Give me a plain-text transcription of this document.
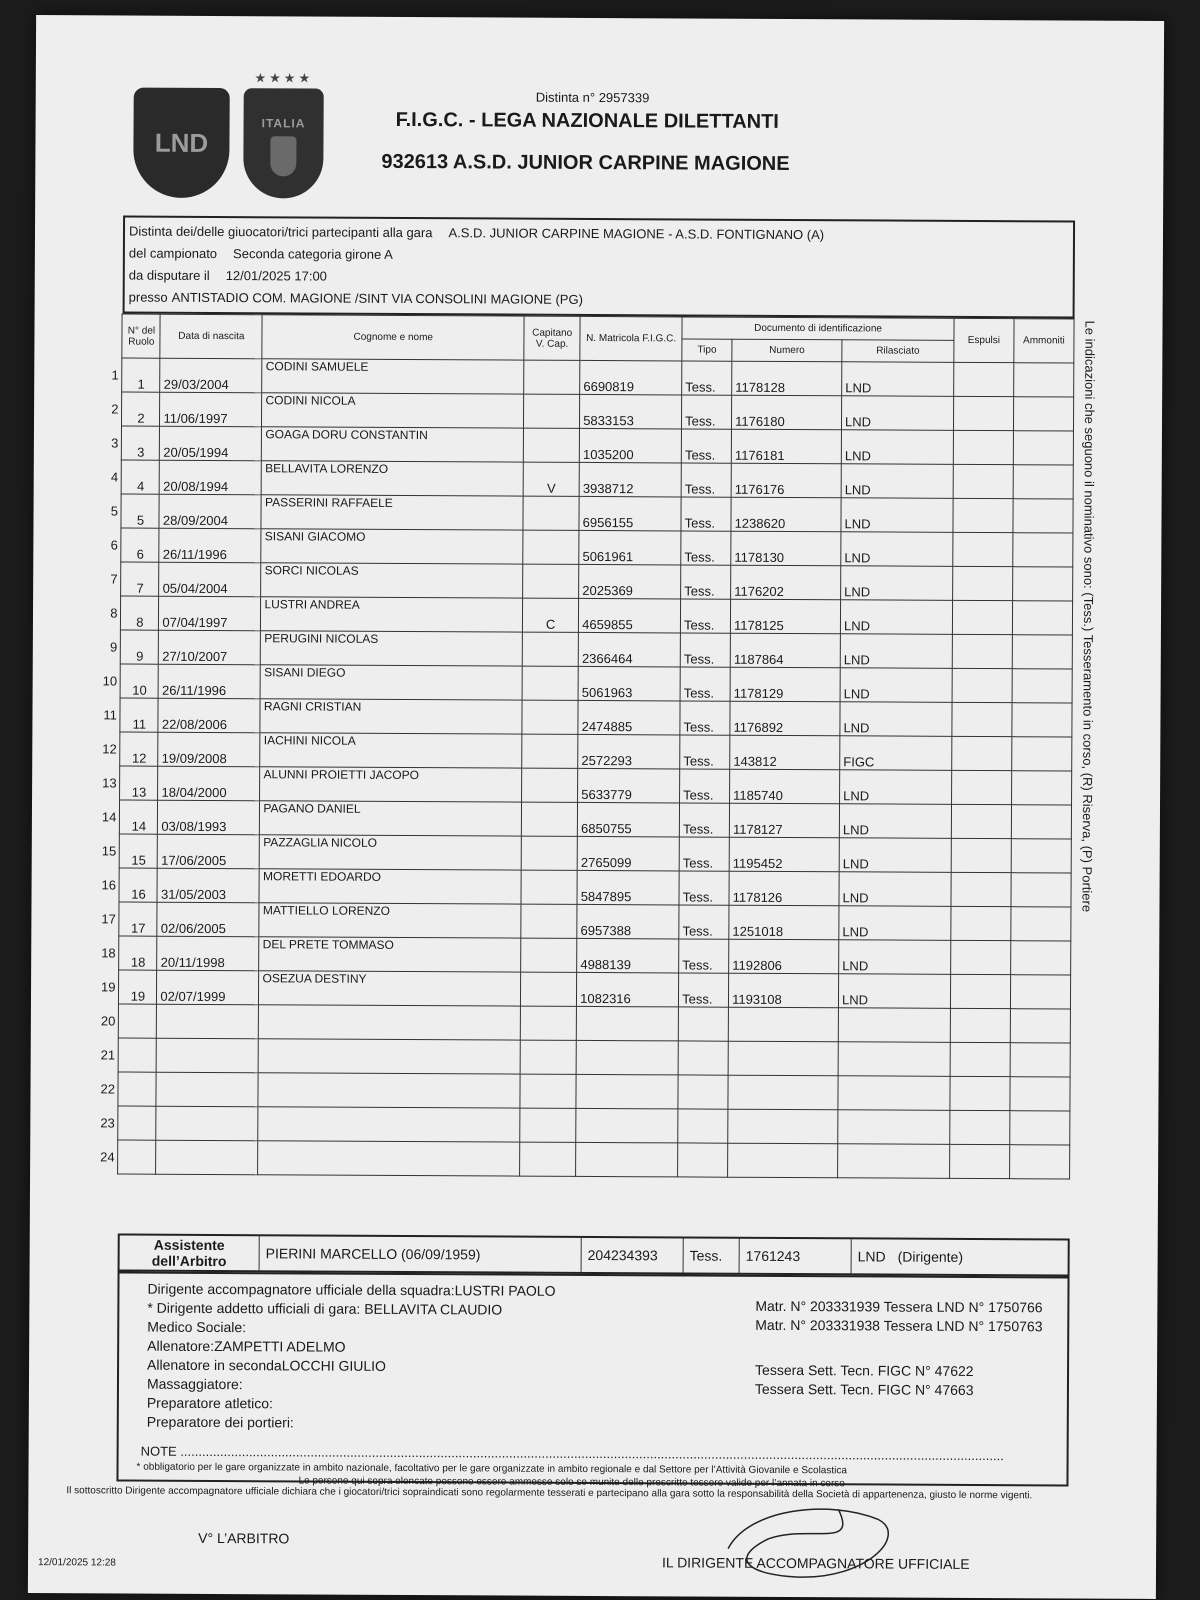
LND
★★★★
ITALIA
Distinta n° 2957339
F.I.G.C. - LEGA NAZIONALE DILETTANTI
932613 A.S.D. JUNIOR CARPINE MAGIONE
Distinta dei/delle giuocatori/trici partecipanti alla gara A.S.D. JUNIOR CARPINE MAGIONE - A.S.D. FONTIGNANO (A)
del campionato Seconda categoria girone A
da disputare il 12/01/2025 17:00
presso ANTISTADIO COM. MAGIONE /SINT VIA CONSOLINI MAGIONE (PG)
Le indicazioni che seguono il nominativo sono: (Tess.) Tesseramento in corso, (R) Riserva, (P) Portiere
	N° del Ruolo	Data di nascita	Cognome e nome	Capitano V. Cap.	N. Matricola F.I.G.C.	Documento di identificazione			Espulsi	Ammoniti
						Tipo	Numero	Rilasciato		
1	1	29/03/2004	CODINI SAMUELE		6690819	Tess.	1178128	LND		
2	2	11/06/1997	CODINI NICOLA		5833153	Tess.	1176180	LND		
3	3	20/05/1994	GOAGA DORU CONSTANTIN		1035200	Tess.	1176181	LND		
4	4	20/08/1994	BELLAVITA LORENZO	V	3938712	Tess.	1176176	LND		
5	5	28/09/2004	PASSERINI RAFFAELE		6956155	Tess.	1238620	LND		
6	6	26/11/1996	SISANI GIACOMO		5061961	Tess.	1178130	LND		
7	7	05/04/2004	SORCI NICOLAS		2025369	Tess.	1176202	LND		
8	8	07/04/1997	LUSTRI ANDREA	C	4659855	Tess.	1178125	LND		
9	9	27/10/2007	PERUGINI NICOLAS		2366464	Tess.	1187864	LND		
10	10	26/11/1996	SISANI DIEGO		5061963	Tess.	1178129	LND		
11	11	22/08/2006	RAGNI CRISTIAN		2474885	Tess.	1176892	LND		
12	12	19/09/2008	IACHINI NICOLA		2572293	Tess.	143812	FIGC		
13	13	18/04/2000	ALUNNI PROIETTI JACOPO		5633779	Tess.	1185740	LND		
14	14	03/08/1993	PAGANO DANIEL		6850755	Tess.	1178127	LND		
15	15	17/06/2005	PAZZAGLIA NICOLO		2765099	Tess.	1195452	LND		
16	16	31/05/2003	MORETTI EDOARDO		5847895	Tess.	1178126	LND		
17	17	02/06/2005	MATTIELLO LORENZO		6957388	Tess.	1251018	LND		
18	18	20/11/1998	DEL PRETE TOMMASO		4988139	Tess.	1192806	LND		
19	19	02/07/1999	OSEZUA DESTINY		1082316	Tess.	1193108	LND		
20										
21										
22										
23										
24										
Assistente dell’Arbitro	PIERINI MARCELLO (06/09/1959)	204234393	Tess.	1761243	LND (Dirigente)
Dirigente accompagnatore ufficiale della squadra:LUSTRI PAOLO
* Dirigente addetto ufficiali di gara: BELLAVITA CLAUDIO
Medico Sociale:
Allenatore:ZAMPETTI ADELMO
Allenatore in secondaLOCCHI GIULIO
Massaggiatore:
Preparatore atletico:
Preparatore dei portieri:
Matr. N° 203331939 Tessera LND N° 1750766
Matr. N° 203331938 Tessera LND N° 1750763
Tessera Sett. Tecn. FIGC N° 47622
Tessera Sett. Tecn. FIGC N° 47663
NOTE ....................................................................................................................................................................................................................................
* obbligatorio per le gare organizzate in ambito nazionale, facoltativo per le gare organizzate in ambito regionale e dal Settore per l’Attività Giovanile e Scolastica
Le persone qui sopra elencate possono essere ammesse solo se munite delle prescritte tessere valide per l’annata in corso
Il sottoscritto Dirigente accompagnatore ufficiale dichiara che i giocatori/trici sopraindicati sono regolarmente tesserati e partecipano alla gara sotto la responsabilità della Società di appartenenza, giusto le norme vigenti.
V° L’ARBITRO
IL DIRIGENTE ACCOMPAGNATORE UFFICIALE
12/01/2025 12:28
